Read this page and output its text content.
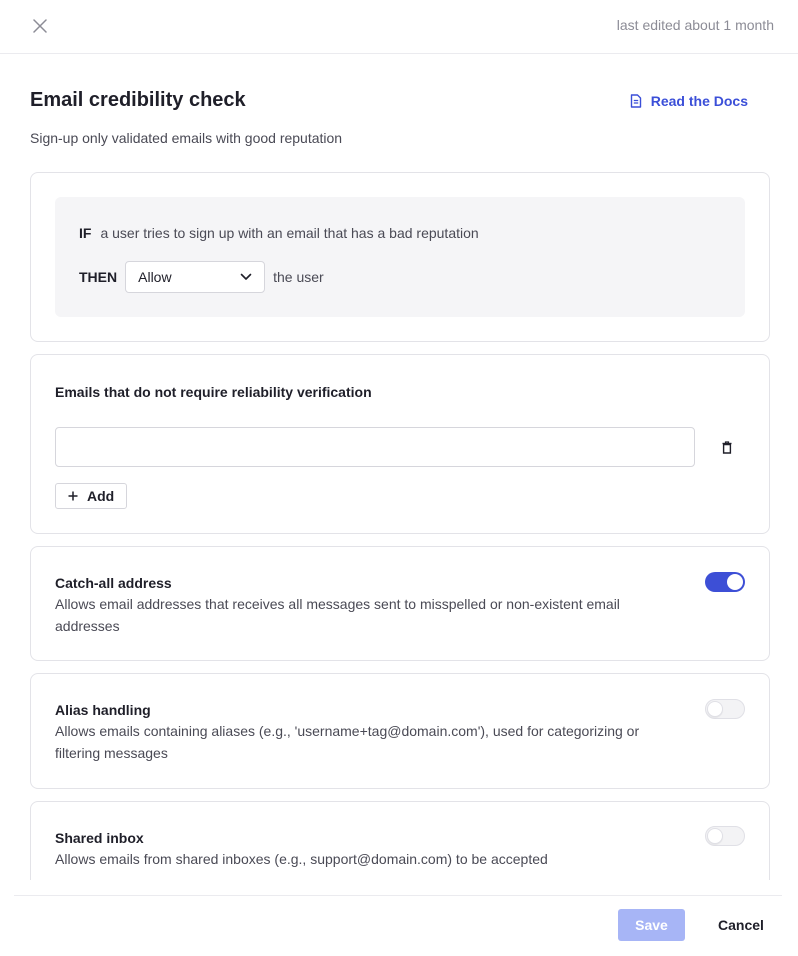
last edited about 1 month
Email credibility check	Read the Docs

Sign-up only validated emails with good reputation

IF a user tries to sign up with an email that has a bad reputation
THEN Allow	the user
Emails that do not require reliability verification
Add
Catch-all address
Allows email addresses that receives all messages sent to misspelled or non-existent email addresses
Alias handling
Allows emails containing aliases (e.g., 'username+tag@domain.com'), used for categorizing or filtering messages
Shared inbox
Allows emails from shared inboxes (e.g., support@domain.com) to be accepted
Save	Cancel
